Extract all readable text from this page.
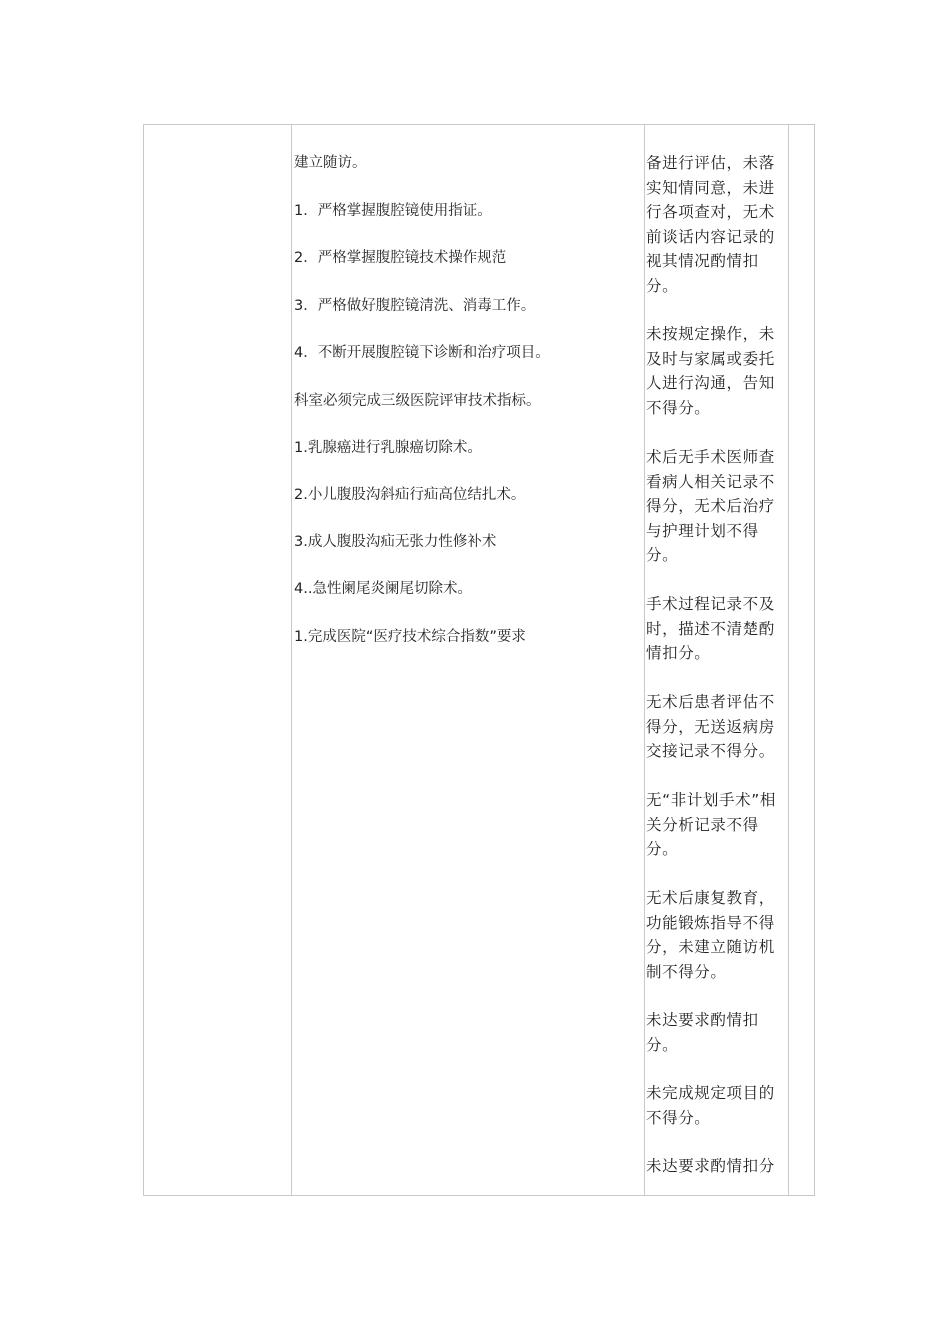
建立随访。
1．严格掌握腹腔镜使用指证。
2．严格掌握腹腔镜技术操作规范
3．严格做好腹腔镜清洗、消毒工作。
4．不断开展腹腔镜下诊断和治疗项目。
科室必须完成三级医院评审技术指标。
1.乳腺癌进行乳腺癌切除术。
2.小儿腹股沟斜疝行疝高位结扎术。
3.成人腹股沟疝无张力性修补术
4..急性阑尾炎阑尾切除术。
1.完成医院“医疗技术综合指数”要求
备进行评估，未落实知情同意，未进行各项查对，无术前谈话内容记录的视其情况酌情扣分。
未按规定操作，未及时与家属或委托人进行沟通，告知不得分。
术后无手术医师查看病人相关记录不得分，无术后治疗与护理计划不得分。
手术过程记录不及时，描述不清楚酌情扣分。
无术后患者评估不得分，无送返病房交接记录不得分。
无“非计划手术”相关分析记录不得分。
无术后康复教育，功能锻炼指导不得分，未建立随访机制不得分。
未达要求酌情扣分。
未完成规定项目的不得分。
未达要求酌情扣分
